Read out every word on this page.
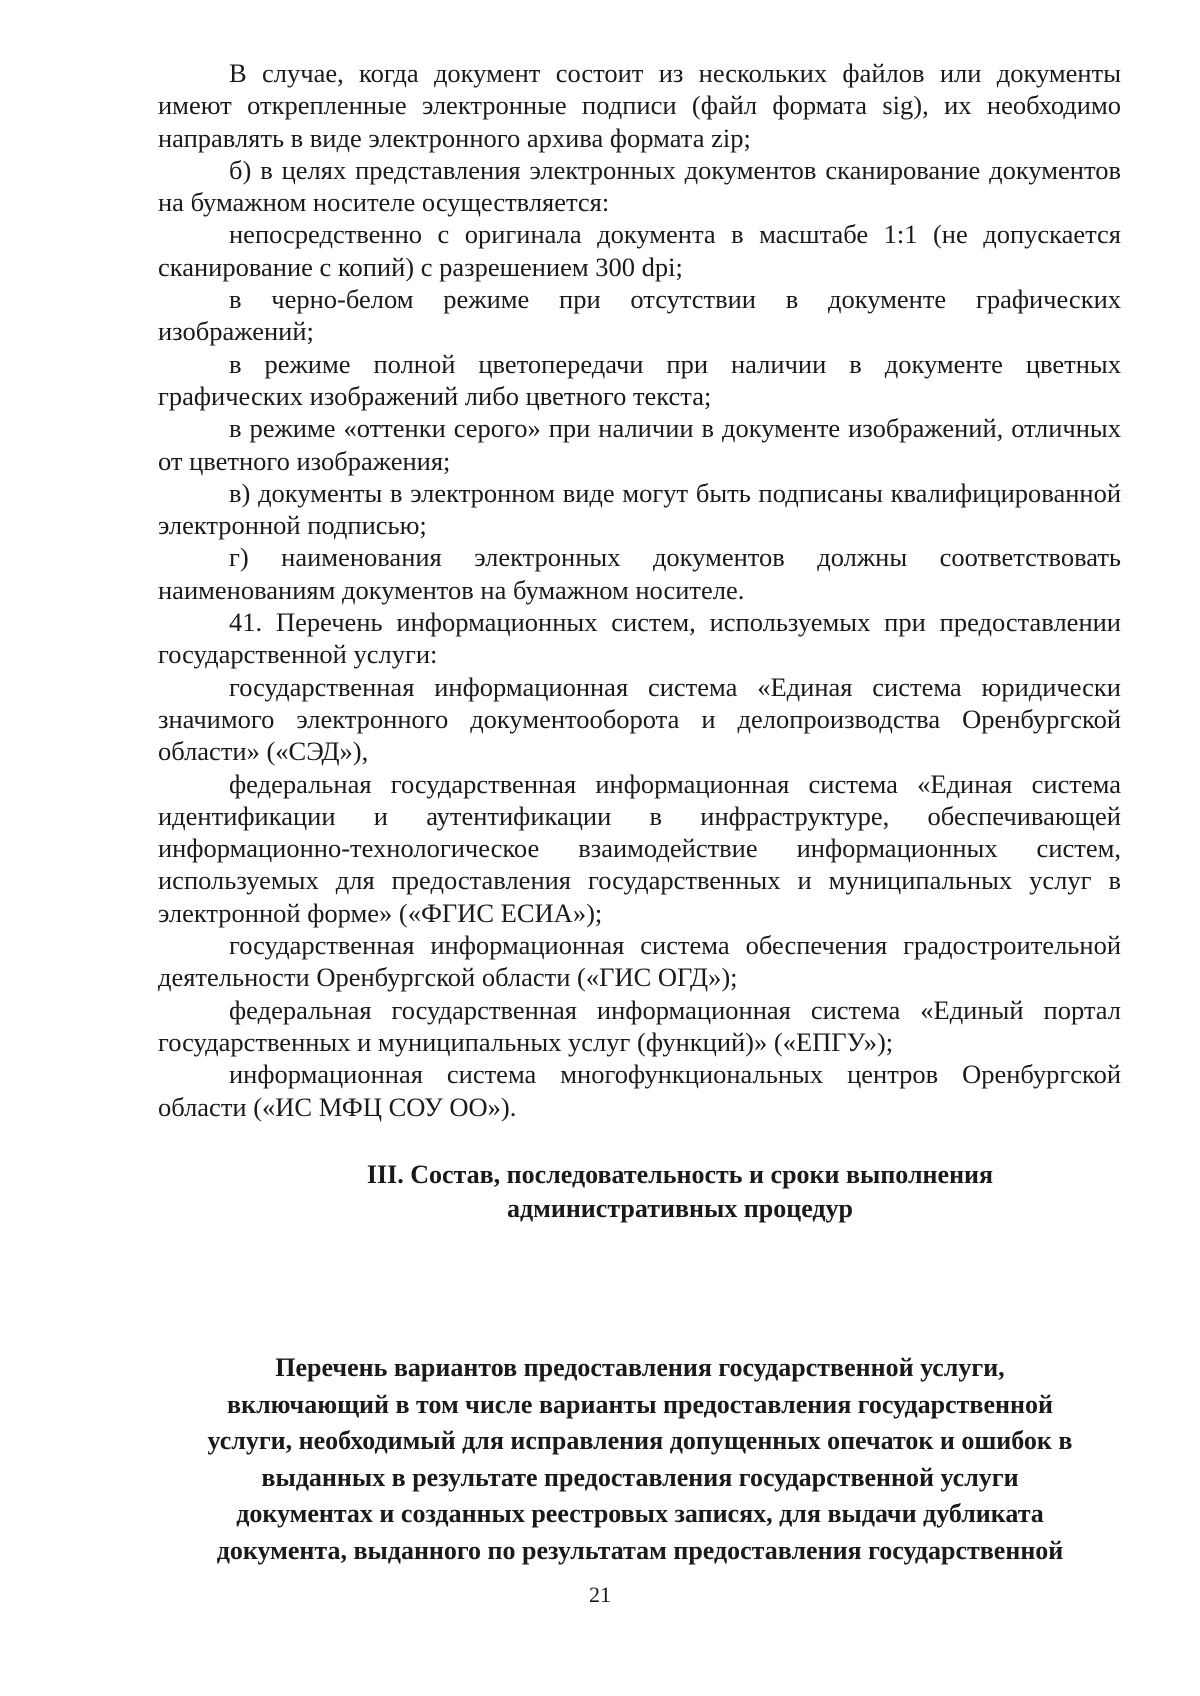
В случае, когда документ состоит из нескольких файлов или документы имеют открепленные электронные подписи (файл формата sig), их необходимо направлять в виде электронного архива формата zip;

б) в целях представления электронных документов сканирование документов на бумажном носителе осуществляется:

непосредственно с оригинала документа в масштабе 1:1 (не допускается сканирование с копий) с разрешением 300 dpi;

в черно-белом режиме при отсутствии в документе графических изображений;

в режиме полной цветопередачи при наличии в документе цветных графических изображений либо цветного текста;

в режиме «оттенки серого» при наличии в документе изображений, отличных от цветного изображения;

в) документы в электронном виде могут быть подписаны квалифицированной электронной подписью;

г) наименования электронных документов должны соответствовать наименованиям документов на бумажном носителе.

41. Перечень информационных систем, используемых при предоставлении государственной услуги:

государственная информационная система «Единая система юридически значимого электронного документооборота и делопроизводства Оренбургской области» («СЭД»),

федеральная государственная информационная система «Единая система идентификации и аутентификации в инфраструктуре, обеспечивающей информационно-технологическое взаимодействие информационных систем, используемых для предоставления государственных и муниципальных услуг в электронной форме» («ФГИС ЕСИА»);

государственная информационная система обеспечения градостроительной деятельности Оренбургской области («ГИС ОГД»);

федеральная государственная информационная система «Единый портал государственных и муниципальных услуг (функций)» («ЕПГУ»);

информационная система многофункциональных центров Оренбургской области («ИС МФЦ СОУ ОО»).

III. Состав, последовательность и сроки выполнения
административных процедур
Перечень вариантов предоставления государственной услуги,
включающий в том числе варианты предоставления государственной
услуги, необходимый для исправления допущенных опечаток и ошибок в
выданных в результате предоставления государственной услуги
документах и созданных реестровых записях, для выдачи дубликата
документа, выданного по результатам предоставления государственной
21
